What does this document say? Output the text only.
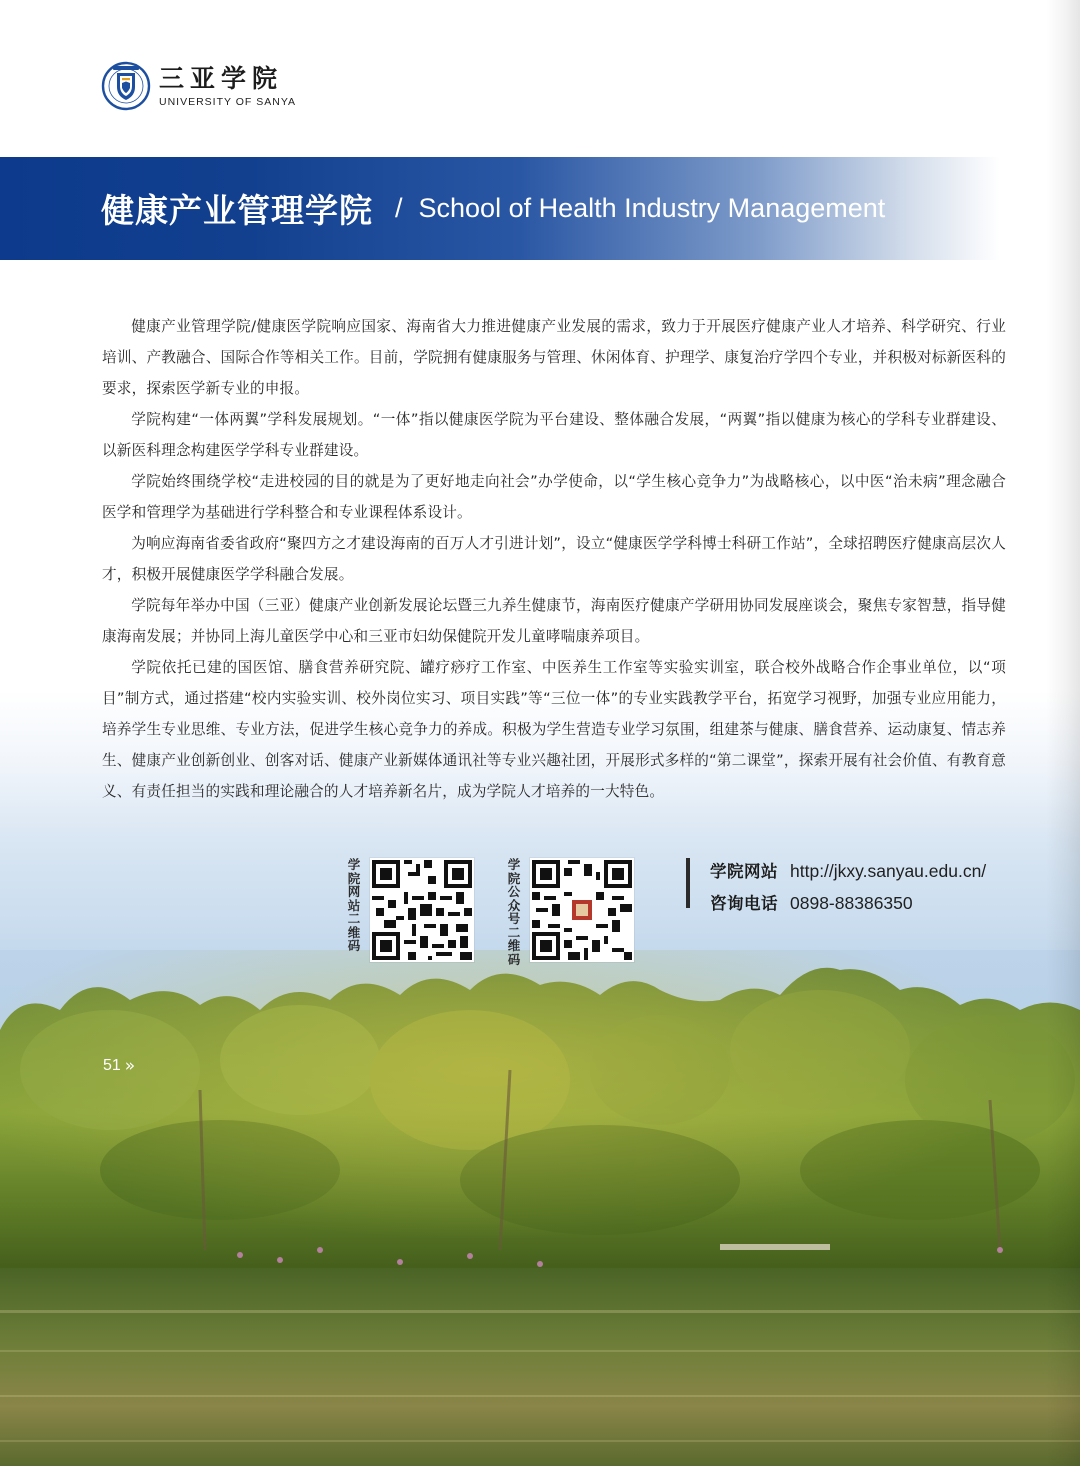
三亚学院
UNIVERSITY OF SANYA
健康产业管理学院 / School of Health Industry Management

健康产业管理学院/健康医学院响应国家、海南省大力推进健康产业发展的需求，致力于开展医疗健康产业人才培养、科学研究、行业培训、产教融合、国际合作等相关工作。目前，学院拥有健康服务与管理、休闲体育、护理学、康复治疗学四个专业，并积极对标新医科的要求，探索医学新专业的申报。

学院构建“一体两翼”学科发展规划。“一体”指以健康医学院为平台建设、整体融合发展，“两翼”指以健康为核心的学科专业群建设、以新医科理念构建医学学科专业群建设。

学院始终围绕学校“走进校园的目的就是为了更好地走向社会”办学使命，以“学生核心竞争力”为战略核心，以中医“治未病”理念融合医学和管理学为基础进行学科整合和专业课程体系设计。

为响应海南省委省政府“聚四方之才建设海南的百万人才引进计划”，设立“健康医学学科博士科研工作站”，全球招聘医疗健康高层次人才，积极开展健康医学学科融合发展。

学院每年举办中国（三亚）健康产业创新发展论坛暨三九养生健康节，海南医疗健康产学研用协同发展座谈会，聚焦专家智慧，指导健康海南发展；并协同上海儿童医学中心和三亚市妇幼保健院开发儿童哮喘康养项目。

学院依托已建的国医馆、膳食营养研究院、罐疗痧疗工作室、中医养生工作室等实验实训室，联合校外战略合作企事业单位，以“项目”制方式，通过搭建“校内实验实训、校外岗位实习、项目实践”等“三位一体”的专业实践教学平台，拓宽学习视野，加强专业应用能力，培养学生专业思维、专业方法，促进学生核心竞争力的养成。积极为学生营造专业学习氛围，组建茶与健康、膳食营养、运动康复、情志养生、健康产业创新创业、创客对话、健康产业新媒体通讯社等专业兴趣社团，开展形式多样的“第二课堂”，探索开展有社会价值、有教育意义、有责任担当的实践和理论融合的人才培养新名片，成为学院人才培养的一大特色。

学院网站二维码
学院公众号二维码
学院网站 http://jkxy.sanyau.edu.cn/
咨询电话 0898-88386350
51 »
